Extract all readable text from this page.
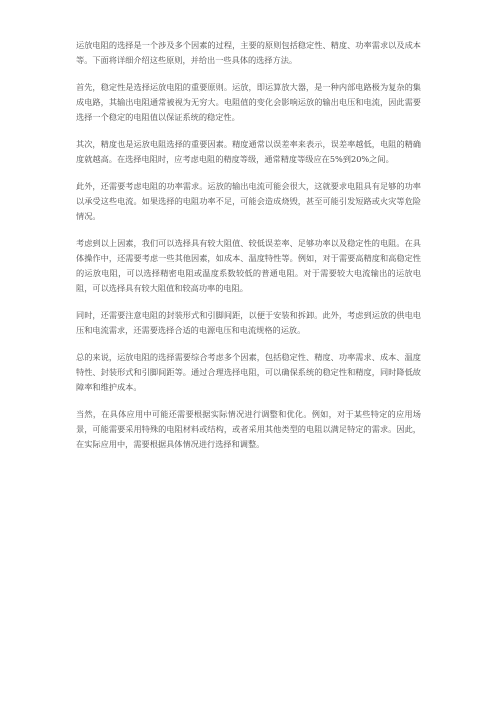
运放电阻的选择是一个涉及多个因素的过程，主要的原则包括稳定性、精度、功率需求以及成本等。下面将详细介绍这些原则，并给出一些具体的选择方法。

首先，稳定性是选择运放电阻的重要原则。运放，即运算放大器，是一种内部电路极为复杂的集成电路，其输出电阻通常被视为无穷大。电阻值的变化会影响运放的输出电压和电流，因此需要选择一个稳定的电阻值以保证系统的稳定性。

其次，精度也是运放电阻选择的重要因素。精度通常以误差率来表示，误差率越低，电阻的精确度就越高。在选择电阻时，应考虑电阻的精度等级，通常精度等级应在5%到20%之间。

此外，还需要考虑电阻的功率需求。运放的输出电流可能会很大，这就要求电阻具有足够的功率以承受这些电流。如果选择的电阻功率不足，可能会造成烧毁，甚至可能引发短路或火灾等危险情况。

考虑到以上因素，我们可以选择具有较大阻值、较低误差率、足够功率以及稳定性的电阻。在具体操作中，还需要考虑一些其他因素，如成本、温度特性等。例如，对于需要高精度和高稳定性的运放电阻，可以选择精密电阻或温度系数较低的普通电阻。对于需要较大电流输出的运放电阻，可以选择具有较大阻值和较高功率的电阻。

同时，还需要注意电阻的封装形式和引脚间距，以便于安装和拆卸。此外，考虑到运放的供电电压和电流需求，还需要选择合适的电源电压和电流规格的运放。

总的来说，运放电阻的选择需要综合考虑多个因素，包括稳定性、精度、功率需求、成本、温度特性、封装形式和引脚间距等。通过合理选择电阻，可以确保系统的稳定性和精度，同时降低故障率和维护成本。

当然，在具体应用中可能还需要根据实际情况进行调整和优化。例如，对于某些特定的应用场景，可能需要采用特殊的电阻材料或结构，或者采用其他类型的电阻以满足特定的需求。因此，在实际应用中，需要根据具体情况进行选择和调整。
